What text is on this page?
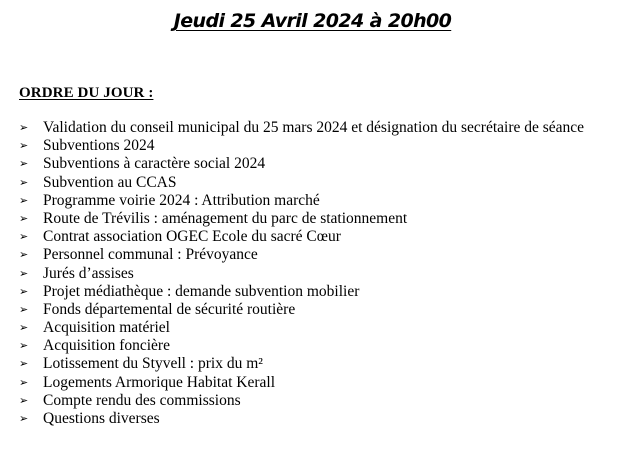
Jeudi 25 Avril 2024 à 20h00
ORDRE DU JOUR :
➢ Validation du conseil municipal du 25 mars 2024 et désignation du secrétaire de séance
➢ Subventions 2024
➢ Subventions à caractère social 2024
➢ Subvention au CCAS
➢ Programme voirie 2024 : Attribution marché
➢ Route de Trévilis : aménagement du parc de stationnement
➢ Contrat association OGEC Ecole du sacré Cœur
➢ Personnel communal : Prévoyance
➢ Jurés d’assises
➢ Projet médiathèque : demande subvention mobilier
➢ Fonds départemental de sécurité routière
➢ Acquisition matériel
➢ Acquisition foncière
➢ Lotissement du Styvell : prix du m²
➢ Logements Armorique Habitat Kerall
➢ Compte rendu des commissions
➢ Questions diverses
